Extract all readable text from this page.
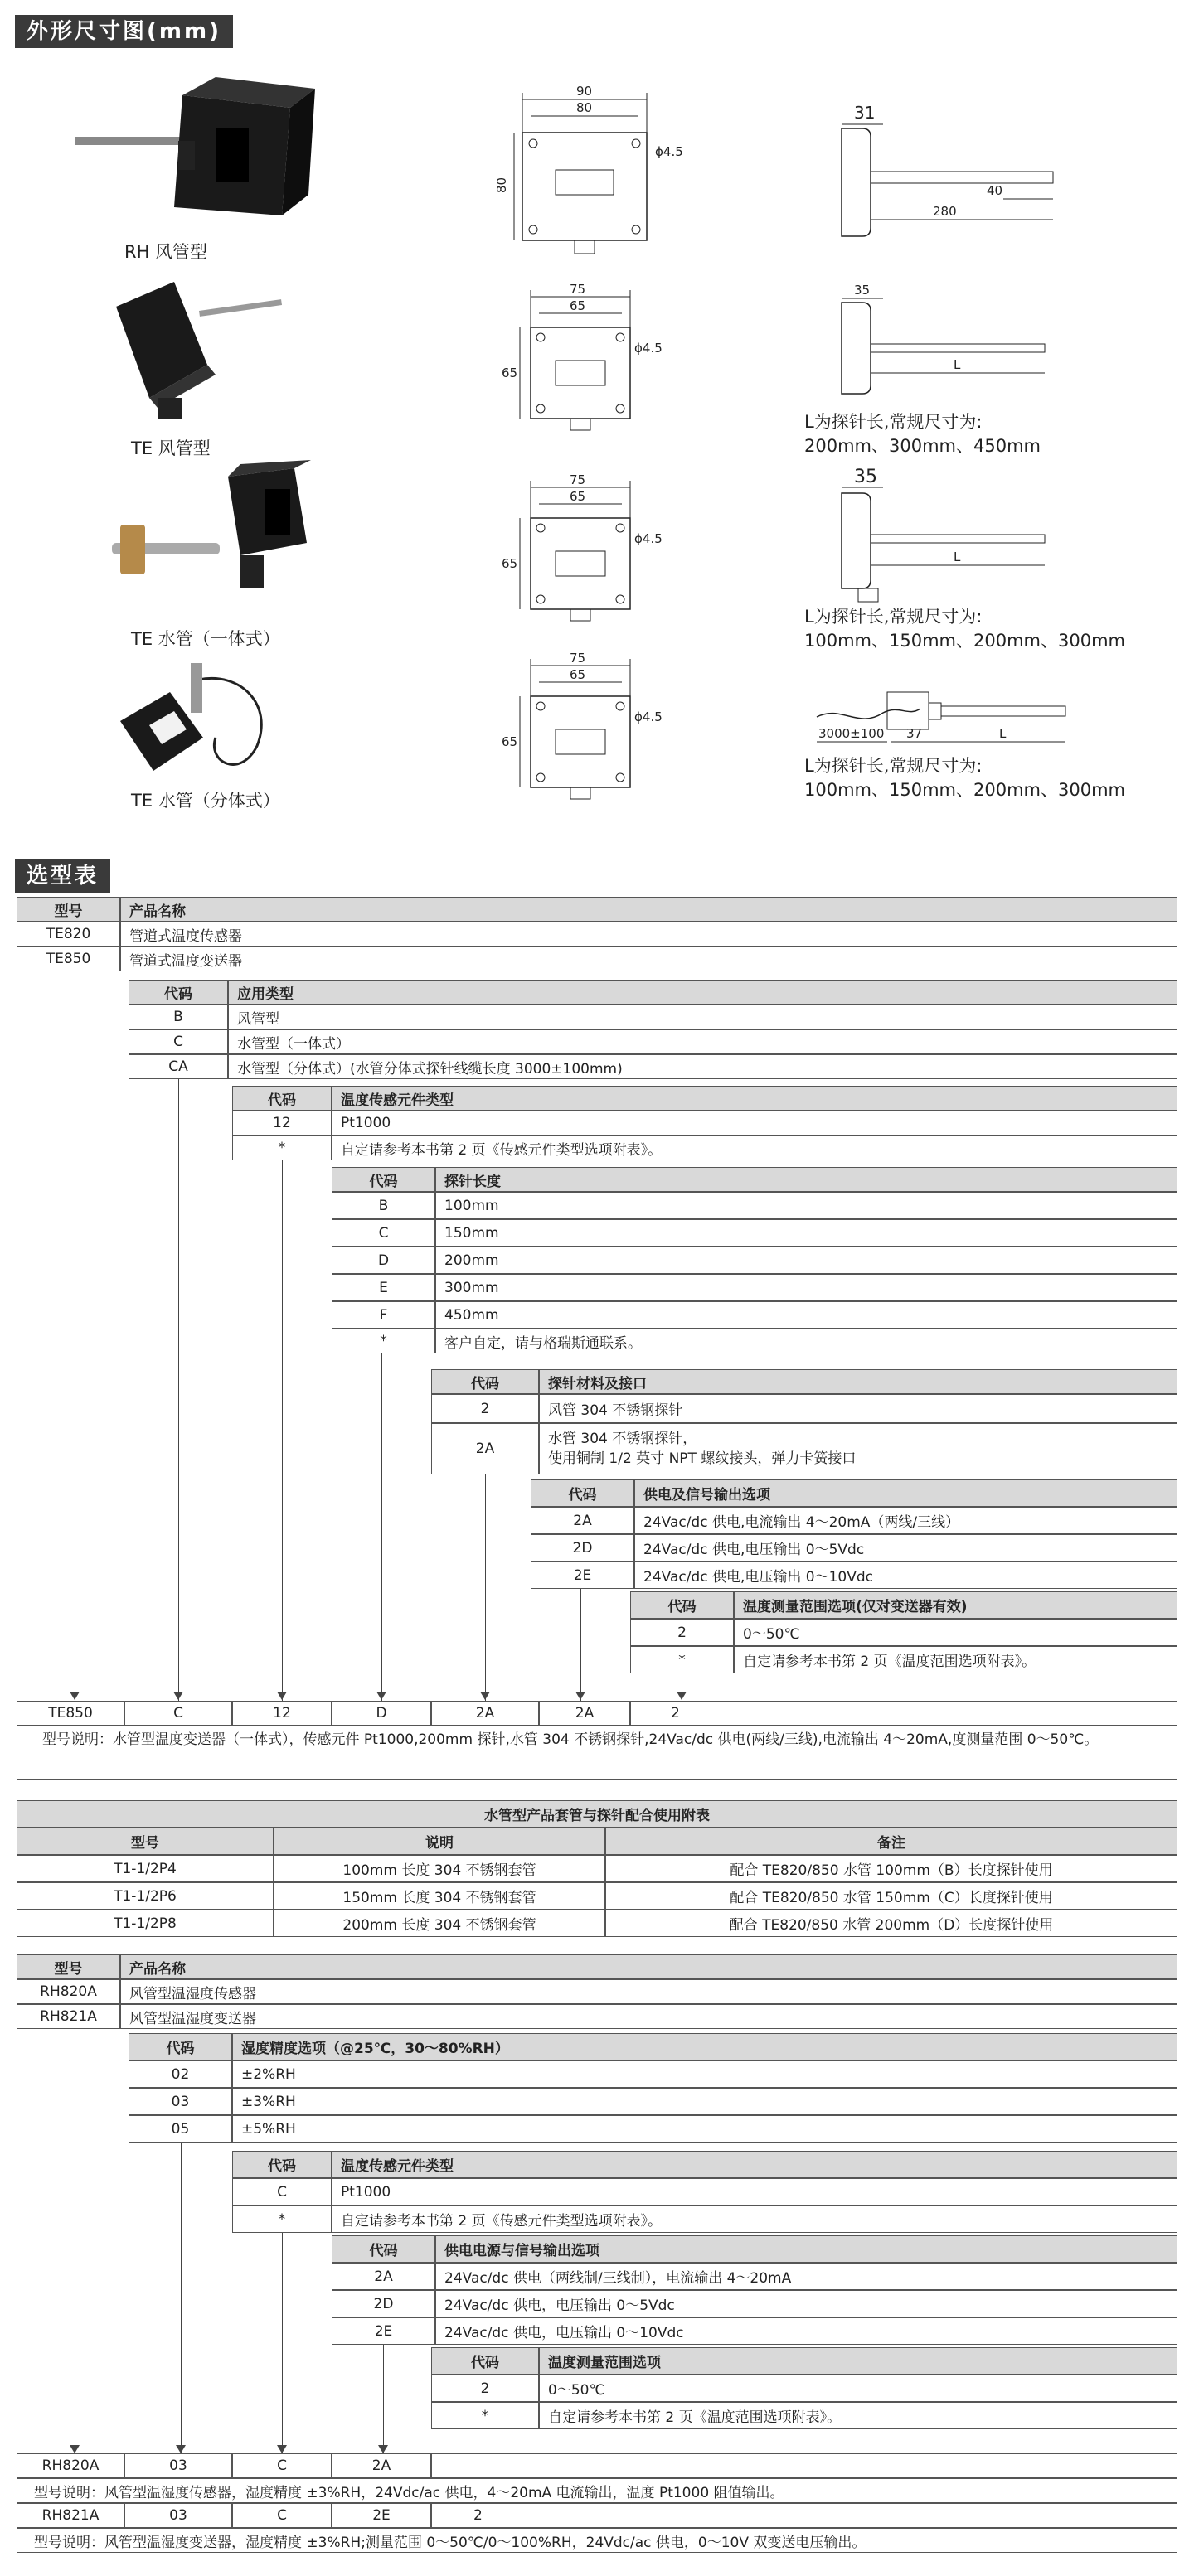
外形尺寸图(mm)
RH 风管型
TE 风管型
TE 水管（一体式）
TE 水管（分体式）
90
80
80
ϕ4.5
75
65
65
ϕ4.5
75
65
65
ϕ4.5
75
65
65
ϕ4.5
31
280
40
35
L
L为探针长,常规尺寸为:
200mm、300mm、450mm
35
L
L为探针长,常规尺寸为:
100mm、150mm、200mm、300mm
3000±100 37	L
L为探针长,常规尺寸为:
100mm、150mm、200mm、300mm
选型表
型号	产品名称
TE820	管道式温度传感器
TE850	管道式温度变送器
代码	应用类型
B	风管型
C	水管型（一体式）
CA	水管型（分体式）(水管分体式探针线缆长度 3000±100mm)
代码	温度传感元件类型
12	Pt1000
*	自定请参考本书第 2 页《传感元件类型选项附表》。
代码	探针长度
B	100mm
C	150mm
D	200mm
E	300mm
F	450mm
*	客户自定，请与格瑞斯通联系。
代码	探针材料及接口
2	风管 304 不锈钢探针
2A
水管 304 不锈钢探针，
使用铜制 1/2 英寸 NPT 螺纹接头，弹力卡簧接口
代码	供电及信号输出选项
2A	24Vac/dc 供电,电流输出 4～20mA（两线/三线）
2D	24Vac/dc 供电,电压输出 0～5Vdc
2E	24Vac/dc 供电,电压输出 0～10Vdc
代码	温度测量范围选项(仅对变送器有效)
2	0～50℃
*	自定请参考本书第 2 页《温度范围选项附表》。
TE850	C	12	D	2A	2A	2
型号说明：水管型温度变送器（一体式），传感元件 Pt1000,200mm 探针,水管 304 不锈钢探针,24Vac/dc 供电(两线/三线),电流输出 4～20mA,度测量范围 0～50℃。
水管型产品套管与探针配合使用附表
型号	说明	备注
T1-1/2P4	100mm 长度 304 不锈钢套管	配合 TE820/850 水管 100mm（B）长度探针使用
T1-1/2P6	150mm 长度 304 不锈钢套管	配合 TE820/850 水管 150mm（C）长度探针使用
T1-1/2P8	200mm 长度 304 不锈钢套管	配合 TE820/850 水管 200mm（D）长度探针使用
型号	产品名称
RH820A	风管型温湿度传感器
RH821A	风管型温湿度变送器
代码	湿度精度选项（@25℃，30～80%RH）
02	±2%RH
03	±3%RH
05	±5%RH
代码	温度传感元件类型
C	Pt1000
*	自定请参考本书第 2 页《传感元件类型选项附表》。
代码	供电电源与信号输出选项
2A	24Vac/dc 供电（两线制/三线制），电流输出 4～20mA
2D	24Vac/dc 供电，电压输出 0～5Vdc
2E	24Vac/dc 供电，电压输出 0～10Vdc
代码	温度测量范围选项
2	0～50℃
*	自定请参考本书第 2 页《温度范围选项附表》。
RH820A	03	C	2A
型号说明：风管型温湿度传感器，湿度精度 ±3%RH，24Vdc/ac 供电，4～20mA 电流输出，温度 Pt1000 阻值输出。
RH821A	03	C	2E	2
型号说明：风管型温湿度变送器，湿度精度 ±3%RH;测量范围 0～50℃/0～100%RH，24Vdc/ac 供电，0～10V 双变送电压输出。
